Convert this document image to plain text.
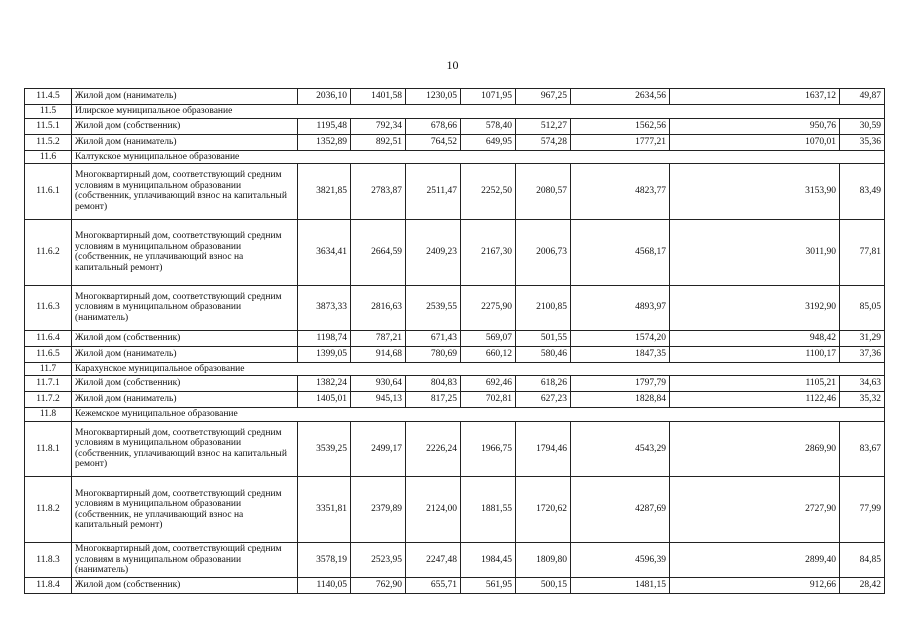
10
11.4.5	Жилой дом (наниматель)	2036,10	1401,58	1230,05	1071,95	967,25	2634,56	1637,12	49,87
11.5	Илирское муниципальное образование								
11.5.1	Жилой дом (собственник)	1195,48	792,34	678,66	578,40	512,27	1562,56	950,76	30,59
11.5.2	Жилой дом (наниматель)	1352,89	892,51	764,52	649,95	574,28	1777,21	1070,01	35,36
11.6	Калтукское муниципальное образование								
11.6.1	Многоквартирный дом, соответствующий средним условиям в муниципальном образовании (собственник, уплачивающий взнос на капитальный ремонт)	3821,85	2783,87	2511,47	2252,50	2080,57	4823,77	3153,90	83,49
11.6.2	Многоквартирный дом, соответствующий средним условиям в муниципальном образовании (собственник, не уплачивающий взнос на капитальный ремонт)	3634,41	2664,59	2409,23	2167,30	2006,73	4568,17	3011,90	77,81
11.6.3	Многоквартирный дом, соответствующий средним условиям в муниципальном образовании (наниматель)	3873,33	2816,63	2539,55	2275,90	2100,85	4893,97	3192,90	85,05
11.6.4	Жилой дом (собственник)	1198,74	787,21	671,43	569,07	501,55	1574,20	948,42	31,29
11.6.5	Жилой дом (наниматель)	1399,05	914,68	780,69	660,12	580,46	1847,35	1100,17	37,36
11.7	Карахунское муниципальное образование								
11.7.1	Жилой дом (собственник)	1382,24	930,64	804,83	692,46	618,26	1797,79	1105,21	34,63
11.7.2	Жилой дом (наниматель)	1405,01	945,13	817,25	702,81	627,23	1828,84	1122,46	35,32
11.8	Кежемское муниципальное образование								
11.8.1	Многоквартирный дом, соответствующий средним условиям в муниципальном образовании (собственник, уплачивающий взнос на капитальный ремонт)	3539,25	2499,17	2226,24	1966,75	1794,46	4543,29	2869,90	83,67
11.8.2	Многоквартирный дом, соответствующий средним условиям в муниципальном образовании (собственник, не уплачивающий взнос на капитальный ремонт)	3351,81	2379,89	2124,00	1881,55	1720,62	4287,69	2727,90	77,99
11.8.3	Многоквартирный дом, соответствующий средним условиям в муниципальном образовании (наниматель)	3578,19	2523,95	2247,48	1984,45	1809,80	4596,39	2899,40	84,85
11.8.4	Жилой дом (собственник)	1140,05	762,90	655,71	561,95	500,15	1481,15	912,66	28,42
